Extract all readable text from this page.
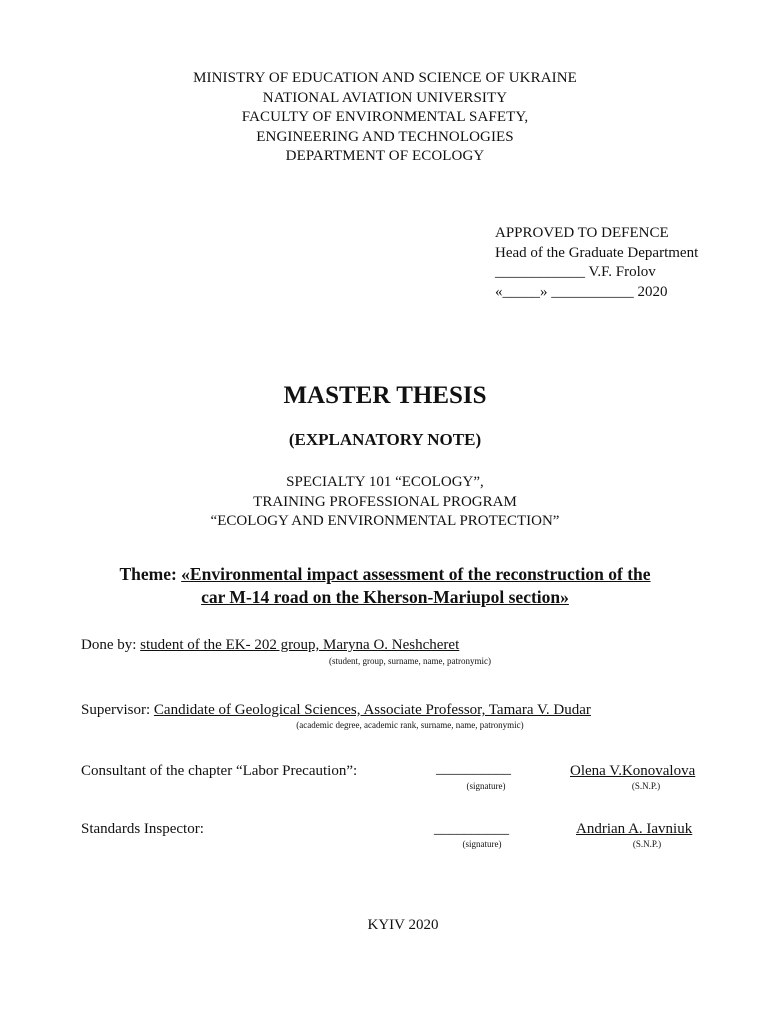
MINISTRY OF EDUCATION AND SCIENCE OF UKRAINE
NATIONAL AVIATION UNIVERSITY
FACULTY OF ENVIRONMENTAL SAFETY,
ENGINEERING AND TECHNOLOGIES
DEPARTMENT OF ECOLOGY
APPROVED TO DEFENCE
Head of the Graduate Department
____________ V.F. Frolov
«_____» ___________ 2020
MASTER THESIS
(EXPLANATORY NOTE)
SPECIALTY 101 “ECOLOGY”,
TRAINING PROFESSIONAL PROGRAM
“ECOLOGY AND ENVIRONMENTAL PROTECTION”
Theme: «Environmental impact assessment of the reconstruction of the
car M-14 road on the Kherson-Mariupol section»
Done by: student of the EK- 202 group, Maryna O. Neshcheret
(student, group, surname, name, patronymic)
Supervisor: Candidate of Geological Sciences, Associate Professor, Tamara V. Dudar
(academic degree, academic rank, surname, name, patronymic)
Consultant of the chapter “Labor Precaution”:	__________
(signature)
Olena V.Konovalova
(S.N.P.)
Standards Inspector:	__________
(signature)
Andrian A. Iavniuk
(S.N.P.)
KYIV 2020
